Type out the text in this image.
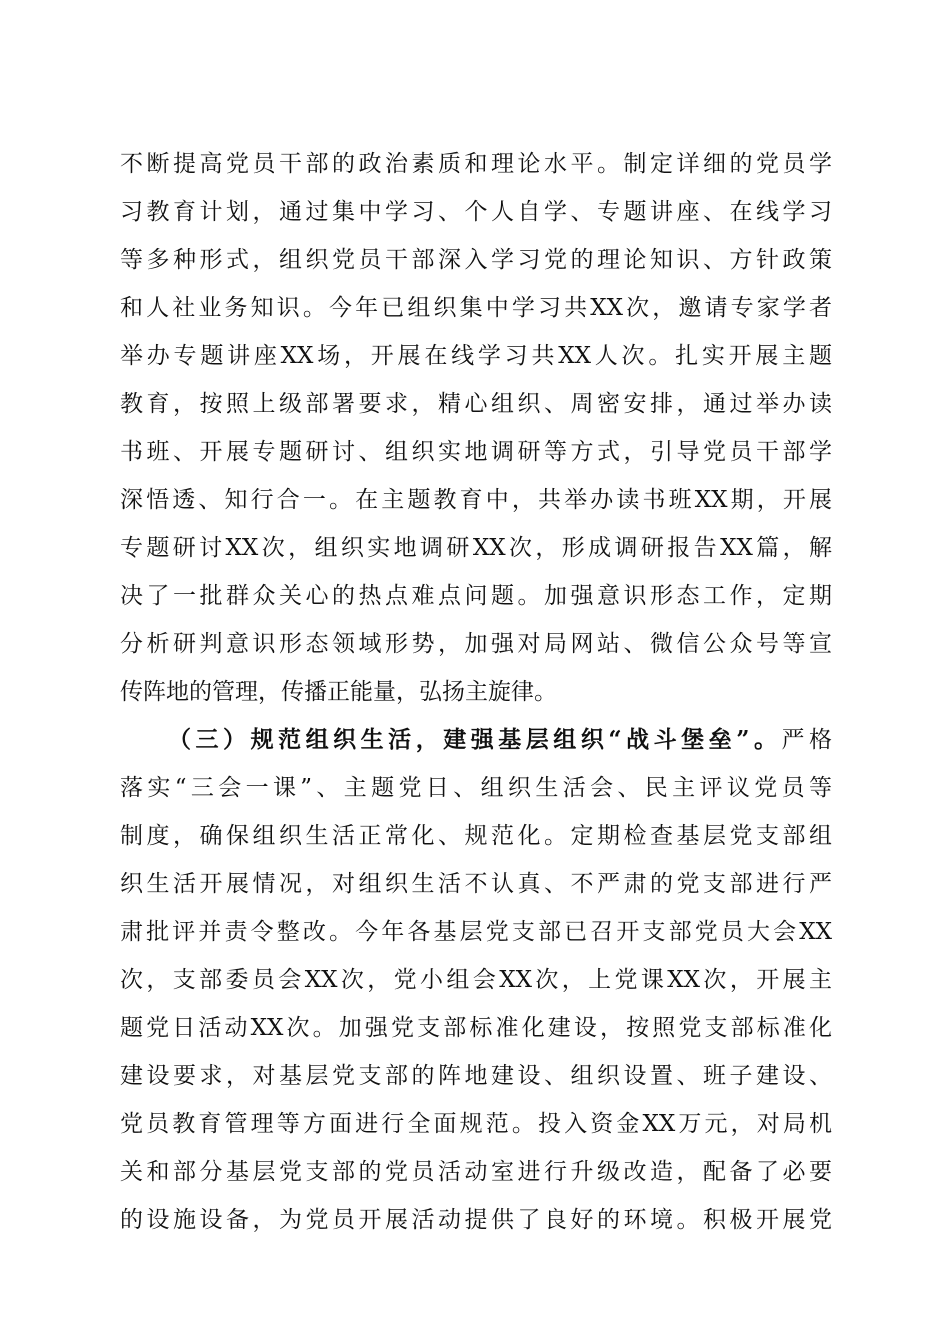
不断提高党员干部的政治素质和理论水平。制定详细的党员学
习教育计划，通过集中学习、个人自学、专题讲座、在线学习
等多种形式，组织党员干部深入学习党的理论知识、方针政策
和人社业务知识。今年已组织集中学习共XX次，邀请专家学者
举办专题讲座XX场，开展在线学习共XX人次。扎实开展主题
教育，按照上级部署要求，精心组织、周密安排，通过举办读
书班、开展专题研讨、组织实地调研等方式，引导党员干部学
深悟透、知行合一。在主题教育中，共举办读书班XX期，开展
专题研讨XX次，组织实地调研XX次，形成调研报告XX篇，解
决了一批群众关心的热点难点问题。加强意识形态工作，定期
分析研判意识形态领域形势，加强对局网站、微信公众号等宣
传阵地的管理，传播正能量，弘扬主旋律。
（三）规范组织生活，建强基层组织“战斗堡垒”。严格
落实“三会一课”、主题党日、组织生活会、民主评议党员等
制度，确保组织生活正常化、规范化。定期检查基层党支部组
织生活开展情况，对组织生活不认真、不严肃的党支部进行严
肃批评并责令整改。今年各基层党支部已召开支部党员大会XX
次，支部委员会XX次，党小组会XX次，上党课XX次，开展主
题党日活动XX次。加强党支部标准化建设，按照党支部标准化
建设要求，对基层党支部的阵地建设、组织设置、班子建设、
党员教育管理等方面进行全面规范。投入资金XX万元，对局机
关和部分基层党支部的党员活动室进行升级改造，配备了必要
的设施设备，为党员开展活动提供了良好的环境。积极开展党
